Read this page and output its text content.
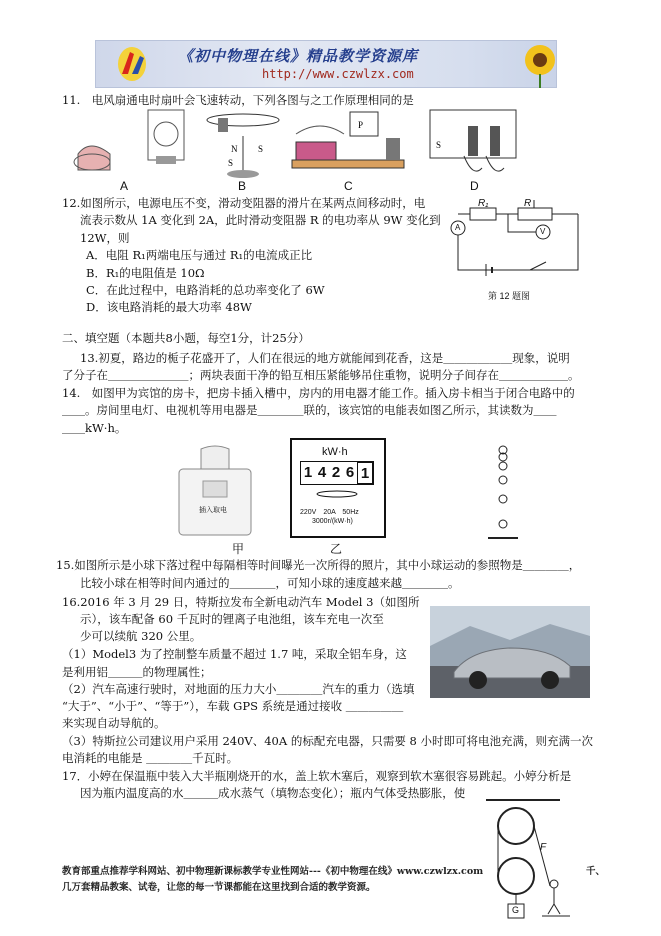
《初中物理在线》精品教学资源库
http://www.czwlzx.com
11.　电风扇通电时扇叶会飞速转动，下列各图与之工作原理相同的是
N
S
S
P
S
A	B	C	D
12.如图所示，电源电压不变，滑动变阻器的滑片在某两点间移动时，电
流表示数从 1A 变化到 2A，此时滑动变阻器 R 的电功率从 9W 变化到
12W，则
A．电阻 R₁两端电压与通过 R₁的电流成正比
B．R₁的电阻值是 10Ω
C．在此过程中，电路消耗的总功率变化了 6W
D．该电路消耗的最大功率 48W
R₁	R
A	V
第 12 题图
二、填空题（本题共8小题，每空1分，计25分）
13.初夏，路边的栀子花盛开了，人们在很远的地方就能闻到花香，这是＿＿＿＿＿＿现象，说明
了分子在＿＿＿＿＿＿＿；两块表面干净的铅互相压紧能够吊住重物，说明分子间存在＿＿＿＿＿＿。
14.　如图甲为宾馆的房卡，把房卡插入槽中，房内的用电器才能工作。插入房卡相当于闭合电路中的
＿＿。房间里电灯、电视机等用电器是＿＿＿＿联的，该宾馆的电能表如图乙所示，其读数为＿＿
＿＿kW·h。
插入取电
kW·h
1 4 2 6 1
220V　20A　50Hz
3000r/(kW·h)
甲	乙
15.如图所示是小球下落过程中每隔相等时间曝光一次所得的照片，其中小球运动的参照物是＿＿＿＿，
比较小球在相等时间内通过的＿＿＿＿，可知小球的速度越来越＿＿＿＿。
16.2016 年 3 月 29 日，特斯拉发布全新电动汽车 Model 3（如图所
示），该车配备 60 千瓦时的锂离子电池组，该车充电一次至
少可以续航 320 公里。
（1）Model3 为了控制整车质量不超过 1.7 吨，采取全铝车身，这
是利用铝＿＿＿的物理属性；
（2）汽车高速行驶时，对地面的压力大小＿＿＿＿汽车的重力（选填
“大于”、“小于”、“等于”），车载 GPS 系统是通过接收 ＿＿＿＿＿
来实现自动导航的。
（3）特斯拉公司建议用户采用 240V、40A 的标配充电器，只需要 8 小时即可将电池充满，则充满一次
电消耗的电能是 ＿＿＿＿千瓦时。
17．小婷在保温瓶中装入大半瓶刚烧开的水，盖上软木塞后，观察到软木塞很容易跳起。小婷分析是
因为瓶内温度高的水＿＿＿成水蒸气（填物态变化）；瓶内气体受热膨胀，使
F
G
教育部重点推荐学科网站、初中物理新课标教学专业性网站---《初中物理在线》www.czwlzx.com	千、
几万套精品教案、试卷，让您的每一节课都能在这里找到合适的教学资源。
